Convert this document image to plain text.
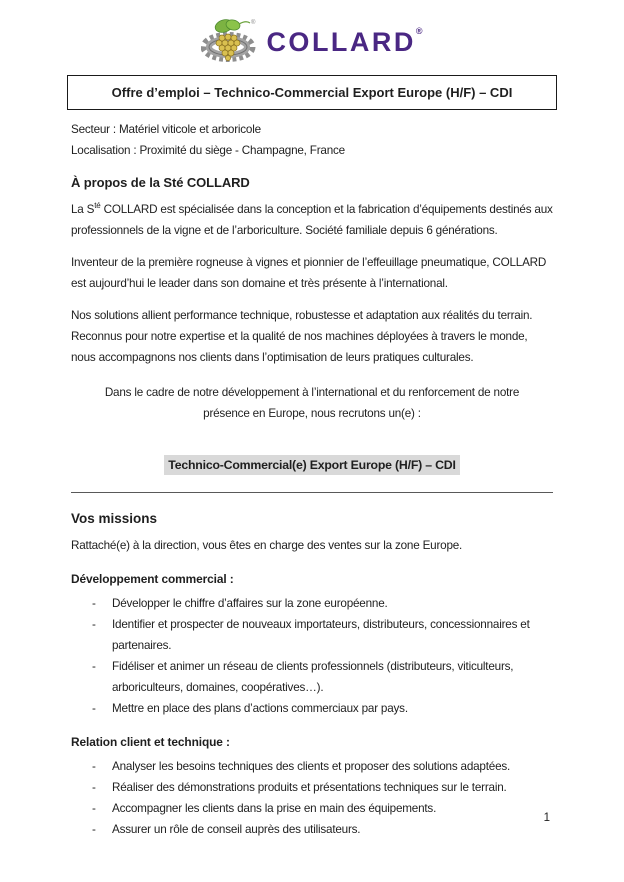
®
COLLARD®
Offre d’emploi – Technico-Commercial Export Europe (H/F) – CDI
Secteur : Matériel viticole et arboricole
Localisation : Proximité du siège - Champagne, France
À propos de la Sté COLLARD

La $S^{té}$ COLLARD est spécialisée dans la conception et la fabrication d’équipements destinés aux professionnels de la vigne et de l’arboriculture. Société familiale depuis 6 générations.

Inventeur de la première rogneuse à vignes et pionnier de l’effeuillage pneumatique, COLLARD est aujourd’hui le leader dans son domaine et très présente à l’international.

Nos solutions allient performance technique, robustesse et adaptation aux réalités du terrain. Reconnus pour notre expertise et la qualité de nos machines déployées à travers le monde, nous accompagnons nos clients dans l’optimisation de leurs pratiques culturales.

Dans le cadre de notre développement à l’international et du renforcement de notre présence en Europe, nous recrutons un(e) :

Technico-Commercial(e) Export Europe (H/F) – CDI
Vos missions

Rattaché(e) à la direction, vous êtes en charge des ventes sur la zone Europe.

Développement commercial :
-	Développer le chiffre d’affaires sur la zone européenne.
-	Identifier et prospecter de nouveaux importateurs, distributeurs, concessionnaires et partenaires.
-	Fidéliser et animer un réseau de clients professionnels (distributeurs, viticulteurs, arboriculteurs, domaines, coopératives…).
-	Mettre en place des plans d’actions commerciaux par pays.
Relation client et technique :
-	Analyser les besoins techniques des clients et proposer des solutions adaptées.
-	Réaliser des démonstrations produits et présentations techniques sur le terrain.
-	Accompagner les clients dans la prise en main des équipements.
-	Assurer un rôle de conseil auprès des utilisateurs.
1
